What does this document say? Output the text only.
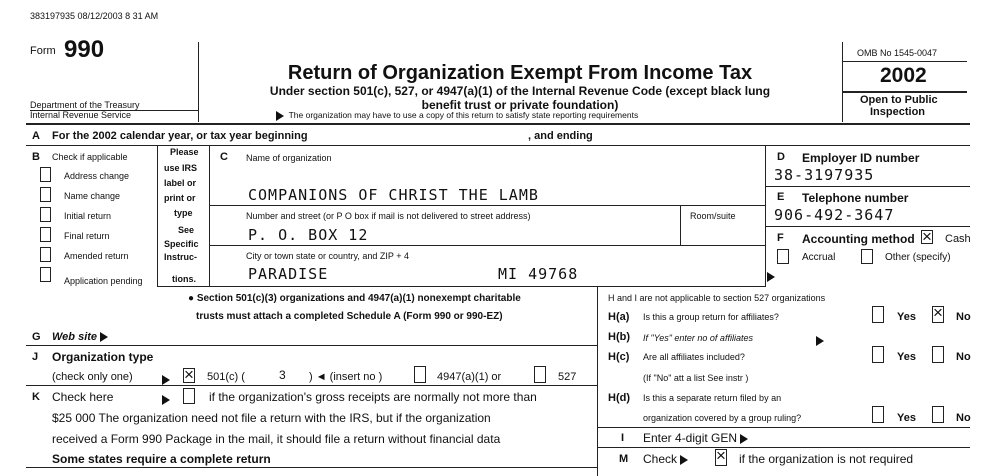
383197935 08/12/2003 8 31 AM
Form 990
Department of the Treasury
Internal Revenue Service
Return of Organization Exempt From Income Tax
Under section 501(c), 527, or 4947(a)(1) of the Internal Revenue Code (except black lung
benefit trust or private foundation)
The organization may have to use a copy of this return to satisfy state reporting requirements
OMB No 1545-0047
2002
Open to Public
Inspection
A For the 2002 calendar year, or tax year beginning	, and ending
B Check if applicable
Address change
Name change
Initial return
Final return
Amended return
Application pending
Please
use IRS
label or
print or
type
See
Specific
Instruc-
tions.
C Name of organization
COMPANIONS OF CHRIST THE LAMB
Number and street (or P O box if mail is not delivered to street address)	Room/suite
P. O. BOX 12
City or town state or country, and ZIP + 4
PARADISE	MI 49768
D Employer ID number
38-3197935
E Telephone number
906-492-3647
F Accounting method ×	Cash
Accrual	Other (specify)
● Section 501(c)(3) organizations and 4947(a)(1) nonexempt charitable
trusts must attach a completed Schedule A (Form 990 or 990-EZ)
G Web site
J Organization type
(check only one) ×	501(c) (	3 ) ◄ (insert no )	4947(a)(1) or	527
K Check here	if the organization's gross receipts are normally not more than
$25 000 The organization need not file a return with the IRS, but if the organization
received a Form 990 Package in the mail, it should file a return without financial data
Some states require a complete return
H and I are not applicable to section 527 organizations
H(a) Is this a group return for affiliates?	Yes ×	No
H(b) If "Yes" enter no of affiliates
H(c) Are all affiliates included?	Yes	No
(If "No" att a list See instr )
H(d) Is this a separate return filed by an
organization covered by a group ruling?	Yes	No
I Enter 4-digit GEN
M Check ×	if the organization is not required
